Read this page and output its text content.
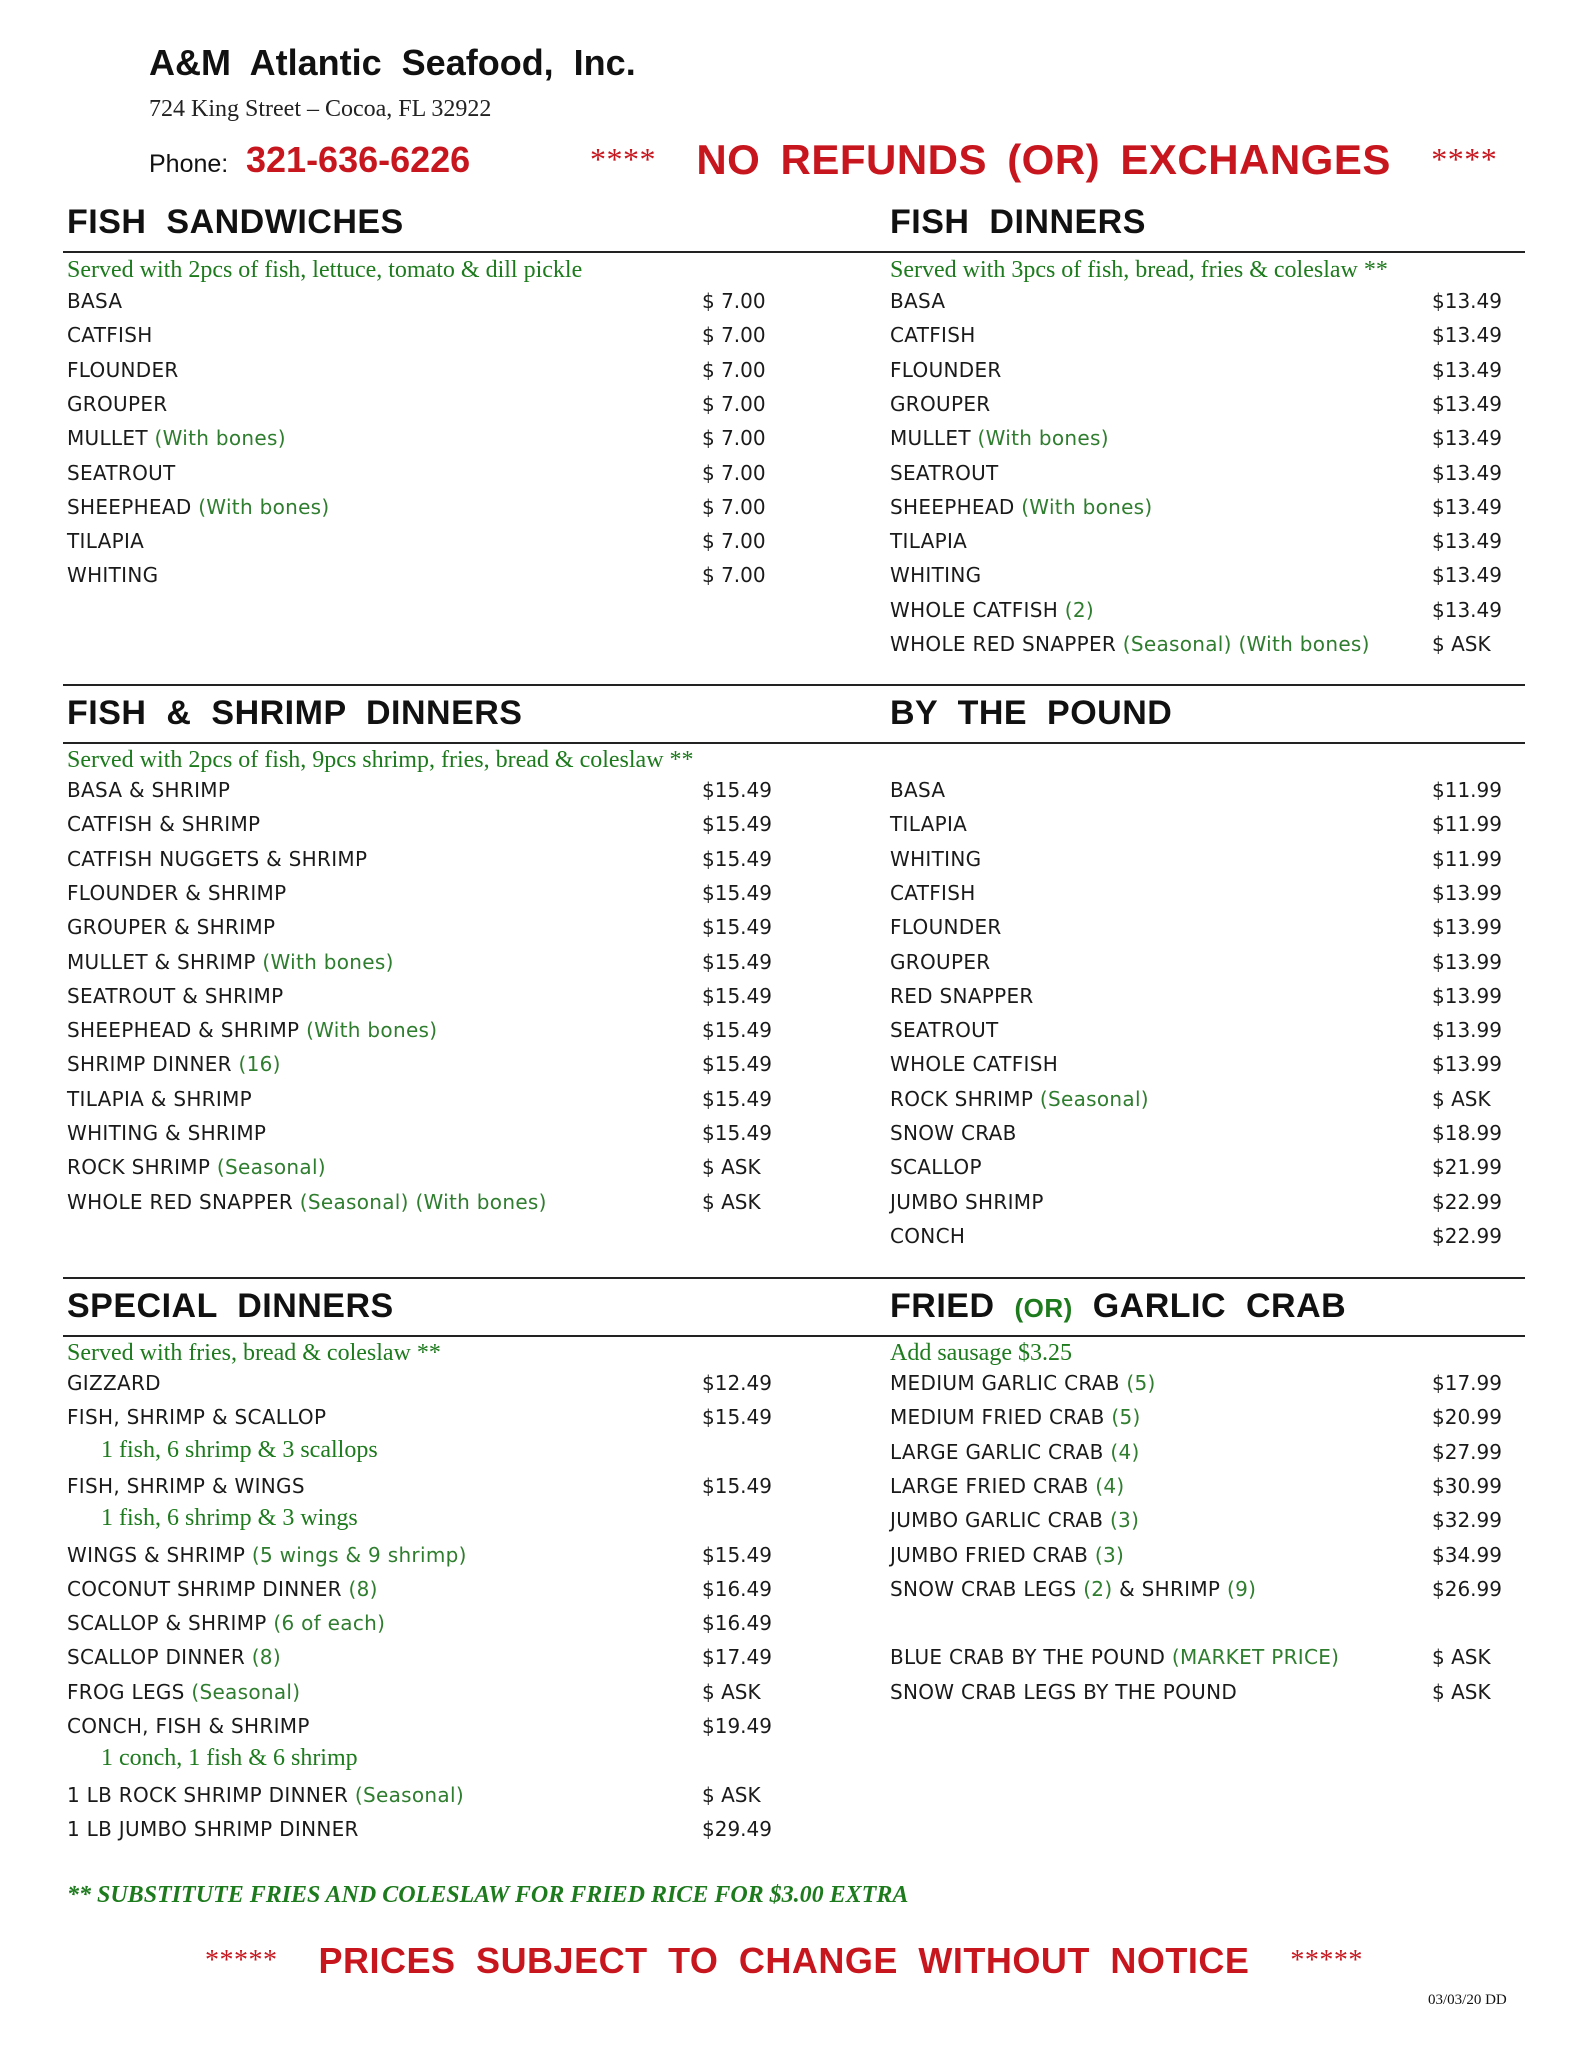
A&M Atlantic Seafood, Inc.
724 King Street – Cocoa, FL 32922
Phone: 321-636-6226	**** NO REFUNDS (OR) EXCHANGES ****
FISH SANDWICHES	FISH DINNERS
Served with 2pcs of fish, lettuce, tomato & dill pickle	Served with 3pcs of fish, bread, fries & coleslaw **
FISH & SHRIMP DINNERS	BY THE POUND
Served with 2pcs of fish, 9pcs shrimp, fries, bread & coleslaw **
SPECIAL DINNERS	FRIED (OR) GARLIC CRAB
Served with fries, bread & coleslaw **	Add sausage $3.25
BASA	$ 7.00
CATFISH	$ 7.00
FLOUNDER	$ 7.00
GROUPER	$ 7.00
MULLET (With bones)	$ 7.00
SEATROUT	$ 7.00
SHEEPHEAD (With bones)	$ 7.00
TILAPIA	$ 7.00
WHITING	$ 7.00
BASA	$13.49
CATFISH	$13.49
FLOUNDER	$13.49
GROUPER	$13.49
MULLET (With bones)	$13.49
SEATROUT	$13.49
SHEEPHEAD (With bones)	$13.49
TILAPIA	$13.49
WHITING	$13.49
WHOLE CATFISH (2)	$13.49
WHOLE RED SNAPPER (Seasonal) (With bones)	$ ASK
BASA & SHRIMP	$15.49
CATFISH & SHRIMP	$15.49
CATFISH NUGGETS & SHRIMP	$15.49
FLOUNDER & SHRIMP	$15.49
GROUPER & SHRIMP	$15.49
MULLET & SHRIMP (With bones)	$15.49
SEATROUT & SHRIMP	$15.49
SHEEPHEAD & SHRIMP (With bones)	$15.49
SHRIMP DINNER (16)	$15.49
TILAPIA & SHRIMP	$15.49
WHITING & SHRIMP	$15.49
ROCK SHRIMP (Seasonal)	$ ASK
WHOLE RED SNAPPER (Seasonal) (With bones)	$ ASK
BASA	$11.99
TILAPIA	$11.99
WHITING	$11.99
CATFISH	$13.99
FLOUNDER	$13.99
GROUPER	$13.99
RED SNAPPER	$13.99
SEATROUT	$13.99
WHOLE CATFISH	$13.99
ROCK SHRIMP (Seasonal)	$ ASK
SNOW CRAB	$18.99
SCALLOP	$21.99
JUMBO SHRIMP	$22.99
CONCH	$22.99
GIZZARD	$12.49
FISH, SHRIMP & SCALLOP	$15.49
1 fish, 6 shrimp & 3 scallops
FISH, SHRIMP & WINGS	$15.49
1 fish, 6 shrimp & 3 wings
WINGS & SHRIMP (5 wings & 9 shrimp)	$15.49
COCONUT SHRIMP DINNER (8)	$16.49
SCALLOP & SHRIMP (6 of each)	$16.49
SCALLOP DINNER (8)	$17.49
FROG LEGS (Seasonal)	$ ASK
CONCH, FISH & SHRIMP	$19.49
1 conch, 1 fish & 6 shrimp
1 LB ROCK SHRIMP DINNER (Seasonal)	$ ASK
1 LB JUMBO SHRIMP DINNER	$29.49
MEDIUM GARLIC CRAB (5)	$17.99
MEDIUM FRIED CRAB (5)	$20.99
LARGE GARLIC CRAB (4)	$27.99
LARGE FRIED CRAB (4)	$30.99
JUMBO GARLIC CRAB (3)	$32.99
JUMBO FRIED CRAB (3)	$34.99
SNOW CRAB LEGS (2) & SHRIMP (9)	$26.99
BLUE CRAB BY THE POUND (MARKET PRICE)	$ ASK
SNOW CRAB LEGS BY THE POUND	$ ASK
** SUBSTITUTE FRIES AND COLESLAW FOR FRIED RICE FOR $3.00 EXTRA
***** PRICES SUBJECT TO CHANGE WITHOUT NOTICE *****
03/03/20 DD
